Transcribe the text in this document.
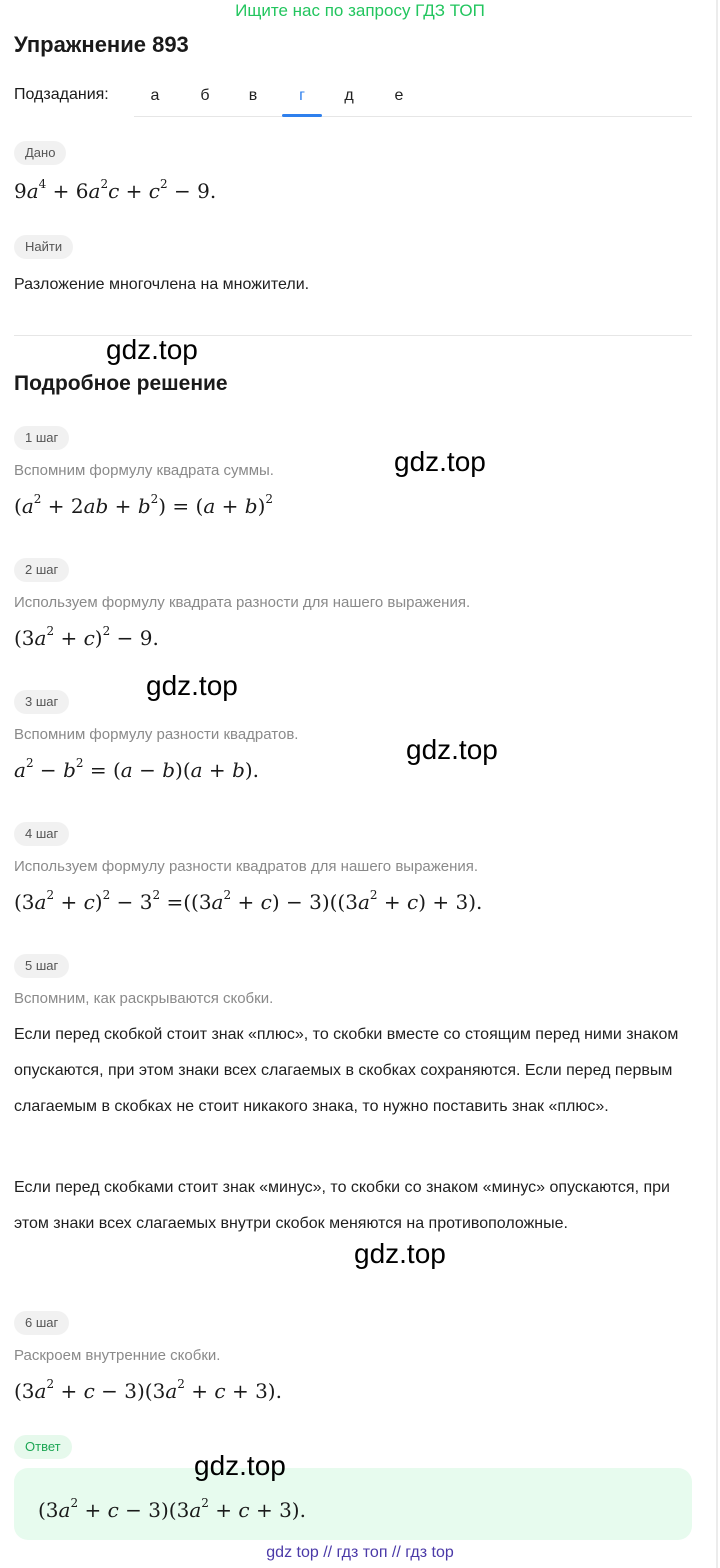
Ищите нас по запросу ГДЗ ТОП
Упражнение 893
Подзадания:	а	б	в	г	д	е
Дано
$9a^4 + 6a^2c + c^2 - 9$.
Найти
Разложение многочлена на множители.
gdz.top
Подробное решение
1 шаг
gdz.top
Вспомним формулу квадрата суммы.
$(a^2 + 2ab + b^2) = (a + b)^2$
2 шаг
Используем формулу квадрата разности для нашего выражения.
$(3a^2 + c)^2 - 9$.
3 шаг
gdz.top
Вспомним формулу разности квадратов.	gdz.top
$a^2 - b^2 = (a - b)(a + b)$.
4 шаг
Используем формулу разности квадратов для нашего выражения.
$(3a^2 + c)^2 - 3^2 =((3a^2 + c) - 3)((3a^2 + c) + 3)$.
5 шаг
Вспомним, как раскрываются скобки.
Если перед скобкой стоит знак «плюс», то скобки вместе со стоящим перед ними знаком опускаются, при этом знаки всех слагаемых в скобках сохраняются. Если перед первым слагаемым в скобках не стоит никакого знака, то нужно поставить знак «плюс».
Если перед скобками стоит знак «минус», то скобки со знаком «минус» опускаются, при этом знаки всех слагаемых внутри скобок меняются на противоположные.
gdz.top
6 шаг
Раскроем внутренние скобки.
$(3a^2 + c - 3)(3a^2 + c + 3)$.
Ответ
gdz.top
$(3a^2 + c - 3)(3a^2 + c + 3)$.
gdz top // гдз топ // гдз top
